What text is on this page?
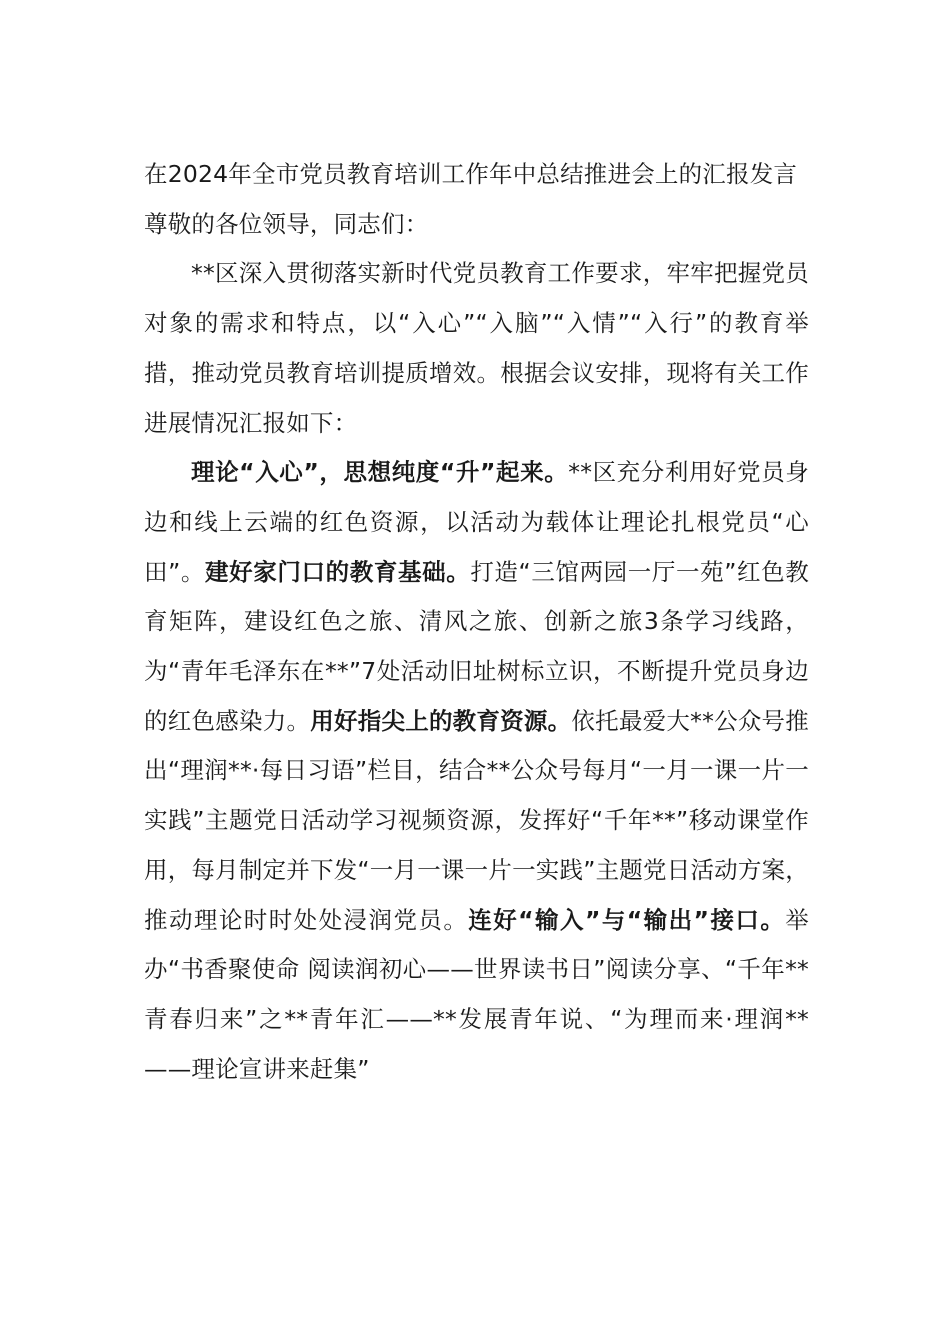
在2024年全市党员教育培训工作年中总结推进会上的汇报发言

尊敬的各位领导，同志们：

**区深入贯彻落实新时代党员教育工作要求，牢牢把握党员对象的需求和特点，以“入心”“入脑”“入情”“入行”的教育举措，推动党员教育培训提质增效。根据会议安排，现将有关工作进展情况汇报如下：

理论“入心”，思想纯度“升”起来。**区充分利用好党员身边和线上云端的红色资源，以活动为载体让理论扎根党员“心田”。建好家门口的教育基础。打造“三馆两园一厅一苑”红色教育矩阵，建设红色之旅、清风之旅、创新之旅3条学习线路，为“青年毛泽东在**”7处活动旧址树标立识，不断提升党员身边的红色感染力。用好指尖上的教育资源。依托最爱大**公众号推出“理润**·每日习语”栏目，结合**公众号每月“一月一课一片一实践”主题党日活动学习视频资源，发挥好“千年**”移动课堂作用，每月制定并下发“一月一课一片一实践”主题党日活动方案，推动理论时时处处浸润党员。连好“输入”与“输出”接口。举办“书香聚使命 阅读润初心——世界读书日”阅读分享、“千年** 青春归来”之**青年汇——**发展青年说、“为理而来·理润**——理论宣讲来赶集”
